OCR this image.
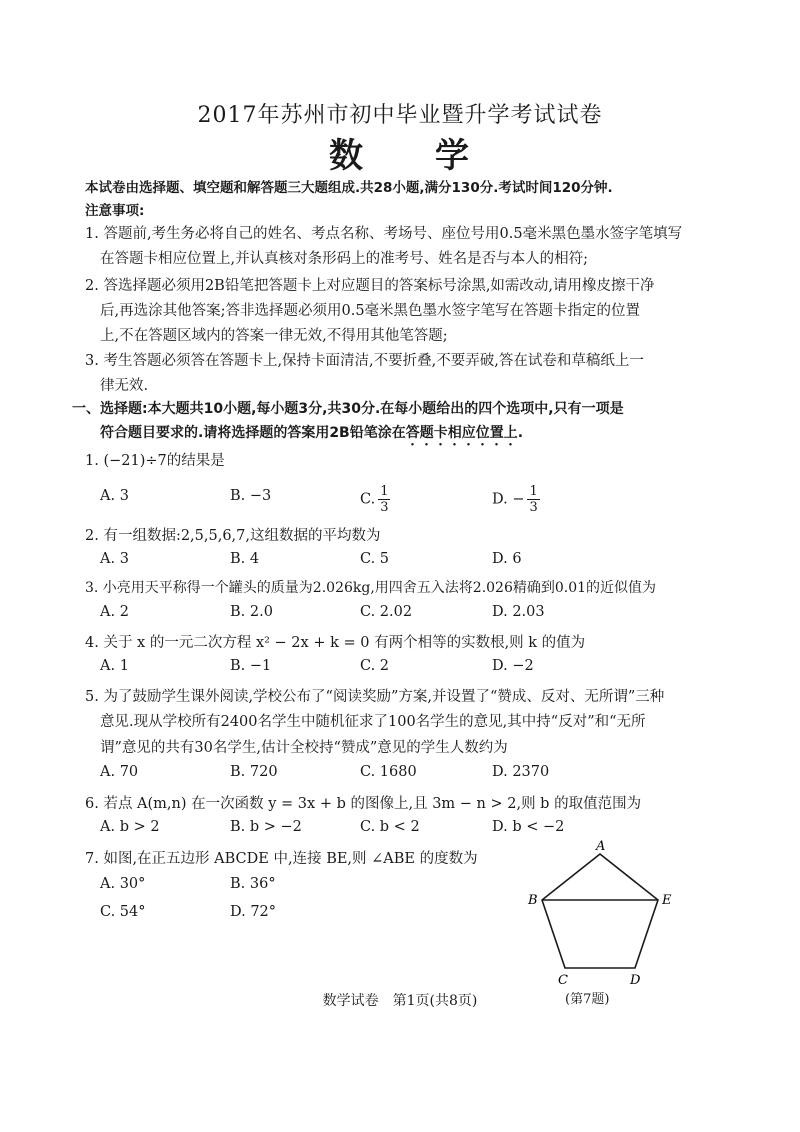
2017年苏州市初中毕业暨升学考试试卷
数 学
本试卷由选择题、填空题和解答题三大题组成.共28小题,满分130分.考试时间120分钟.
注意事项:
1. 答题前,考生务必将自己的姓名、考点名称、考场号、座位号用0.5毫米黑色墨水签字笔填写
在答题卡相应位置上,并认真核对条形码上的准考号、姓名是否与本人的相符;
2. 答选择题必须用2B铅笔把答题卡上对应题目的答案标号涂黑,如需改动,请用橡皮擦干净
后,再选涂其他答案;答非选择题必须用0.5毫米黑色墨水签字笔写在答题卡指定的位置
上,不在答题区域内的答案一律无效,不得用其他笔答题;
3. 考生答题必须答在答题卡上,保持卡面清洁,不要折叠,不要弄破,答在试卷和草稿纸上一
律无效.
一、选择题:本大题共10小题,每小题3分,共30分.在每小题给出的四个选项中,只有一项是
符合题目要求的.请将选择题的答案用2B铅笔涂在答题卡相应位置上.
1. (−21)÷7的结果是
A. 3	B. −3	C. $\frac{1}{3}$	D. − $\frac{1}{3}$
2. 有一组数据:2,5,5,6,7,这组数据的平均数为
A. 3	B. 4	C. 5	D. 6
3. 小亮用天平称得一个罐头的质量为2.026kg,用四舍五入法将2.026精确到0.01的近似值为
A. 2	B. 2.0	C. 2.02	D. 2.03
4. 关于 x 的一元二次方程 x² − 2x + k = 0 有两个相等的实数根,则 k 的值为
A. 1	B. −1	C. 2	D. −2
5. 为了鼓励学生课外阅读,学校公布了“阅读奖励”方案,并设置了“赞成、反对、无所谓”三种
意见.现从学校所有2400名学生中随机征求了100名学生的意见,其中持“反对”和“无所
谓”意见的共有30名学生,估计全校持“赞成”意见的学生人数约为
A. 70	B. 720	C. 1680	D. 2370
6. 若点 A(m,n) 在一次函数 y = 3x + b 的图像上,且 3m − n > 2,则 b 的取值范围为
A. b > 2	B. b > −2	C. b < 2	D. b < −2
7. 如图,在正五边形 ABCDE 中,连接 BE,则 ∠ABE 的度数为
A. 30°	B. 36°
C. 54°	D. 72°
A
B	E
C	D
(第7题)
数学试卷　第1页(共8页)
